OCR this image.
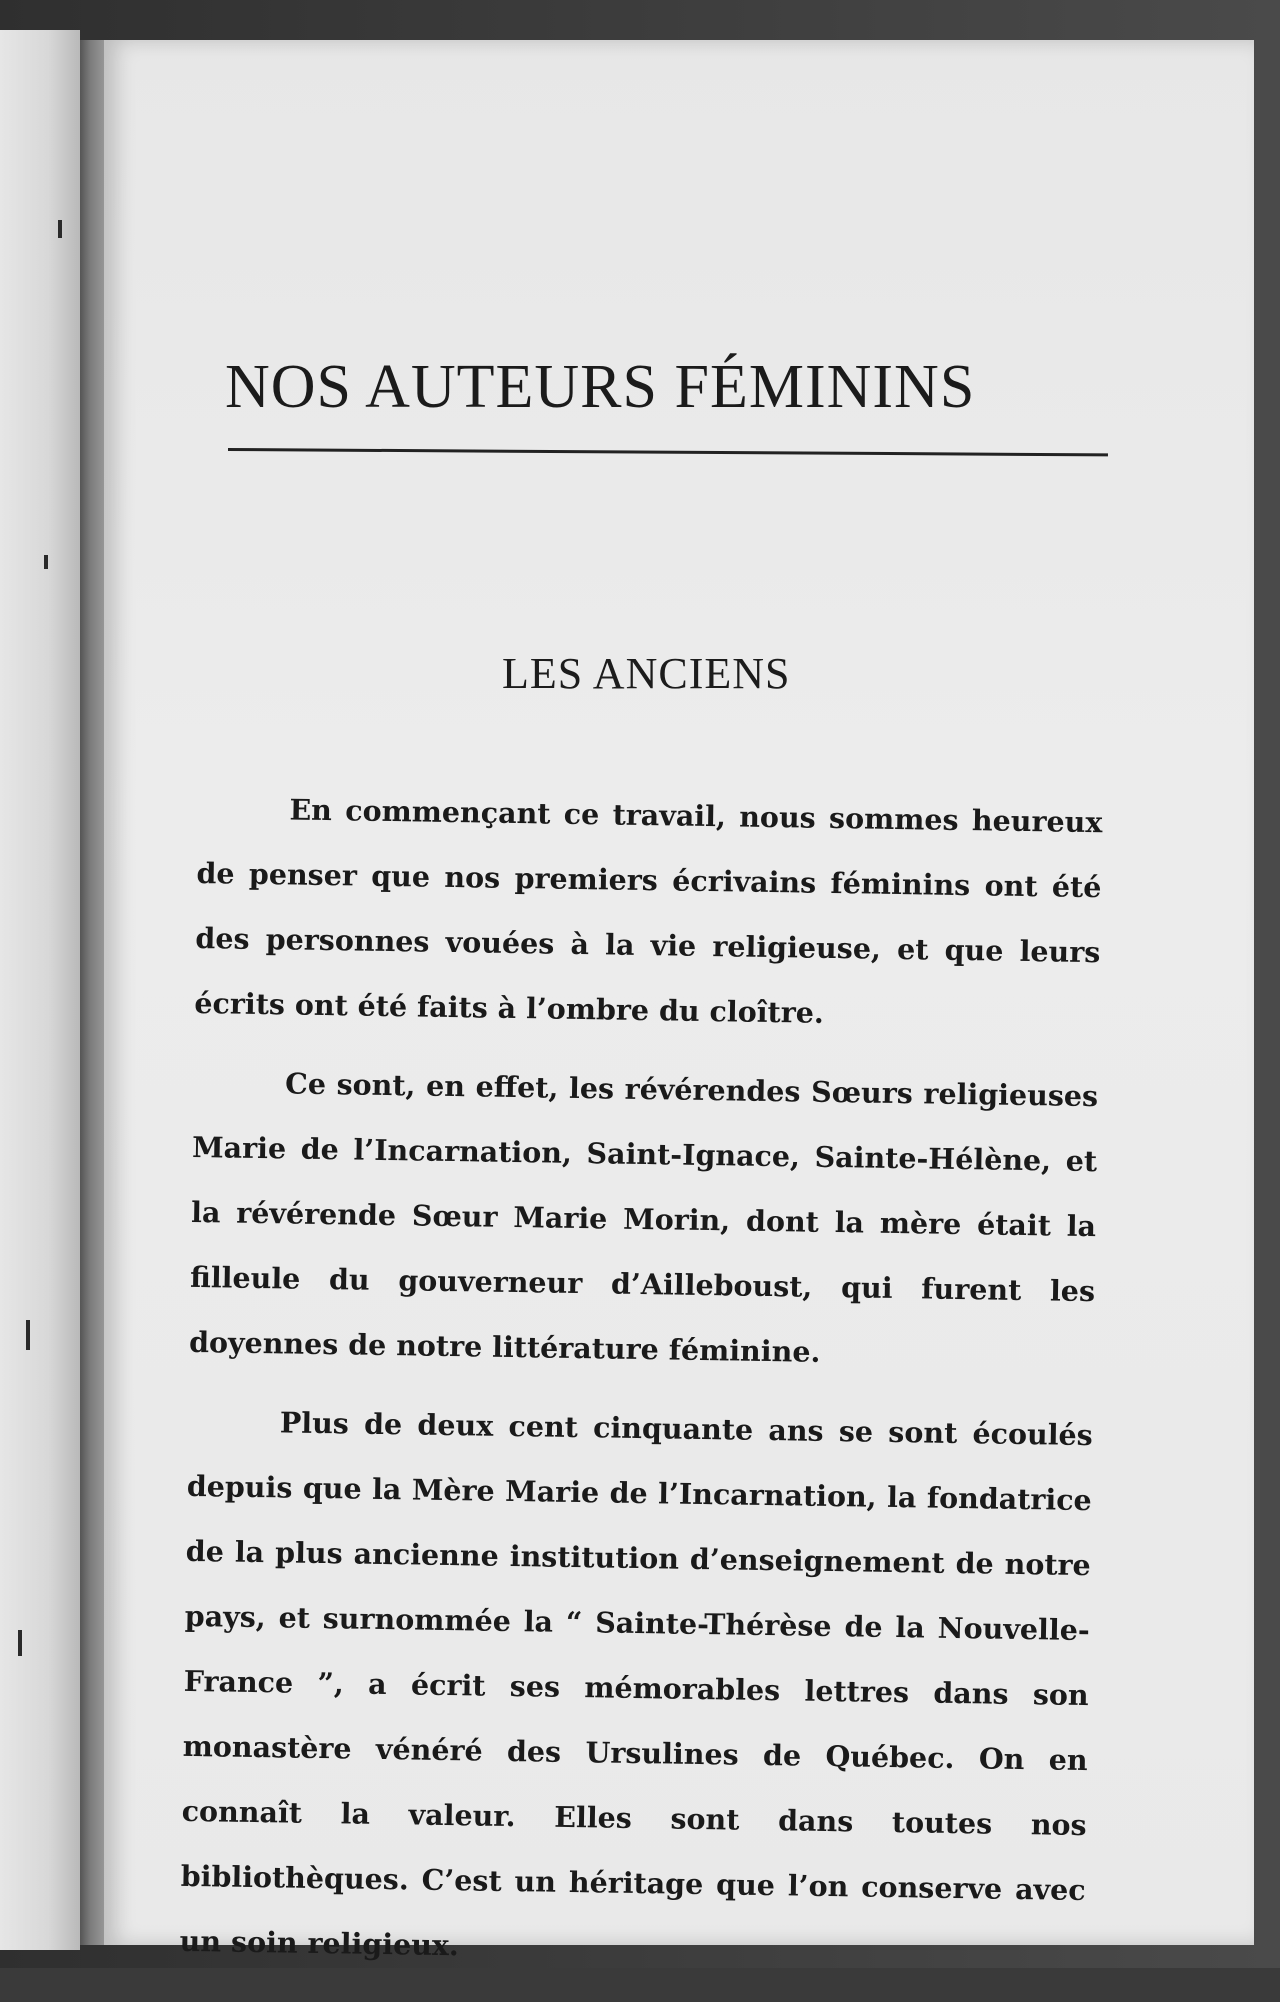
NOS AUTEURS FÉMININS
LES ANCIENS

En commençant ce travail, nous sommes heureux de penser que nos premiers écrivains féminins ont été des personnes vouées à la vie religieuse, et que leurs écrits ont été faits à l’ombre du cloître.

Ce sont, en effet, les révérendes Sœurs religieuses Marie de l’Incarnation, Saint-Ignace, Sainte-Hélène, et la révérende Sœur Marie Morin, dont la mère était la filleule du gouverneur d’Ailleboust, qui furent les doyennes de notre littérature féminine.

Plus de deux cent cinquante ans se sont écoulés depuis que la Mère Marie de l’Incarnation, la fondatrice de la plus ancienne institution d’enseignement de notre pays, et surnommée la “ Sainte-Thérèse de la Nouvelle-France ”, a écrit ses mémorables lettres dans son monastère vénéré des Ursulines de Québec. On en connaît la valeur. Elles sont dans toutes nos bibliothèques. C’est un héritage que l’on conserve avec un soin religieux.
